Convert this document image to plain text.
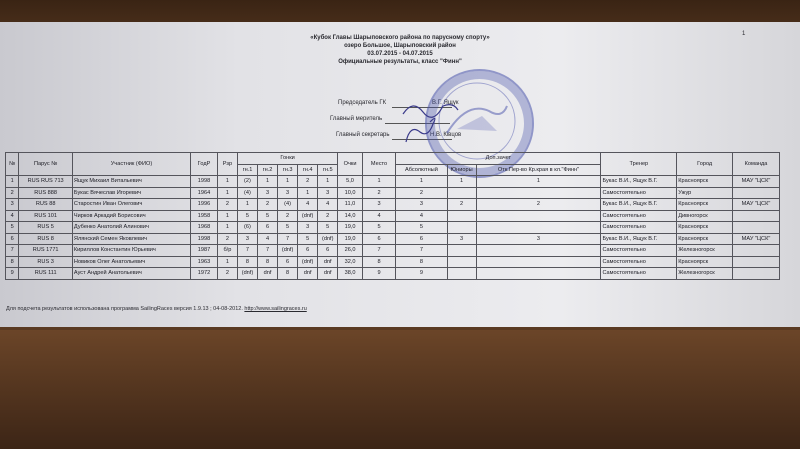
1
«Кубок Главы Шарыповского района по парусному спорту»
озеро Большое, Шарыповский район
03.07.2015 - 04.07.2015
Официальные результаты, класс "Финн"
Председатель ГК	В.Г. Ящук
Главный меритель
Главный секретарь	Н.В. Ківцов
№	Парус №	Участник (ФИО)	ГодР	Рзр	Гонки					Очки	Место	Доп.зачет			Тренер	Город	Команда
					гн.1	гн.2	гн.3	гн.4	гн.5			Абсолютный	Юниоры	Отк.Пер-во Кр.края в кл."Финн"			
1	RUS RUS 713	Ящук Михаил Витальевич	1998	1	(2)	1	1	2	1	5,0	1	1	1	1	Букас В.И., Ящук В.Г.	Красноярск	МАУ "ЦСК"
2	RUS 888	Букас Вячеслав Игоревич	1964	1	(4)	3	3	1	3	10,0	2	2			Самостоятельно	Ужур	
3	RUS 88	Старостин Иван Олегович	1996	2	1	2	(4)	4	4	11,0	3	3	2	2	Букас В.И., Ящук В.Г.	Красноярск	МАУ "ЦСК"
4	RUS 101	Чирков Аркадий Борисович	1958	1	5	5	2	(dnf)	2	14,0	4	4			Самостоятельно	Дивногорск	
5	RUS 5	Дубенко Анатолий Алинович	1968	1	(6)	6	5	3	5	19,0	5	5			Самостоятельно	Красноярск	
6	RUS 8	Ялянский Семен Яковлевич	1998	2	3	4	7	5	(dnf)	19,0	6	6	3	3	Букас В.И., Ящук В.Г.	Красноярск	МАУ "ЦСК"
7	RUS 1771	Кириллов Константин Юрьевич	1987	б/р	7	7	(dnf)	6	6	26,0	7	7			Самостоятельно	Железногорск	
8	RUS 3	Новиков Олег Анатольевич	1963	1	8	8	6	(dnf)	dnf	32,0	8	8			Самостоятельно	Красноярск	
9	RUS 111	Ауст Андрей Анатольевич	1972	2	(dnf)	dnf	8	dnf	dnf	38,0	9	9			Самостоятельно	Железногорск	
Для подсчета результатов использована программа SailingRaces версия 1.9.13 ; 04-08-2012. http://www.sailingraces.ru
